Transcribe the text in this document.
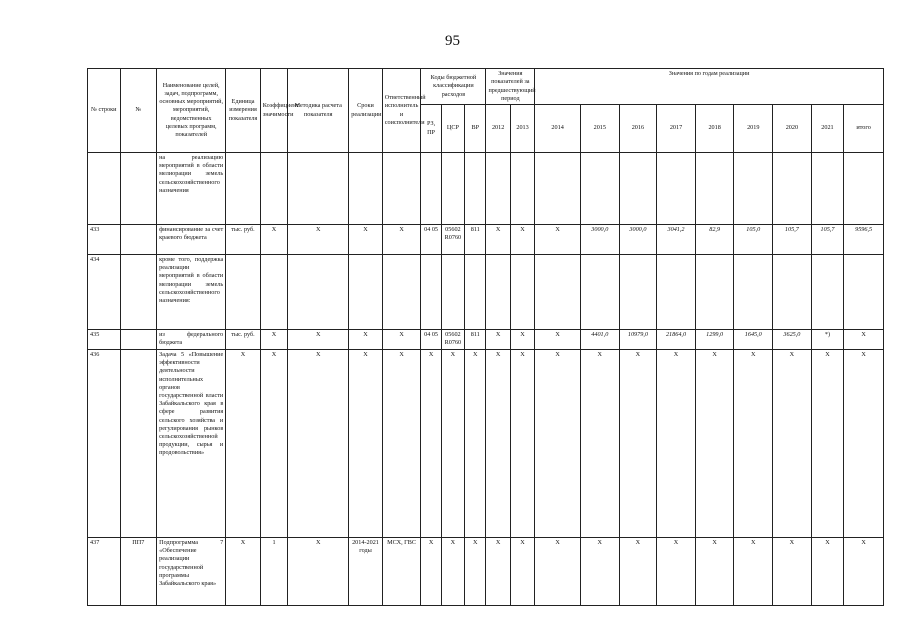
95
№ строки	№	Наименование целей, задач, подпрограмм, основных мероприятий, мероприятий, ведомственных целевых программ, показателей	Единица измерения показателя	Коэффициент значимости	Методика расчета показателя	Сроки реализации	Ответственный исполнитель и соисполнители	Коды бюджетной классификации расходов			Значения показателей за предшествующий период		Значения по годам реализации								
								РЗ, ПР	ЦСР	ВР	2012	2013	2014	2015	2016	2017	2018	2019	2020	2021	итого
		на реализацию мероприятий в области мелиорации земель сельскохозяйственного назначения																			
433		финансирование за счет краевого бюджета	тыс. руб.	X	X	X	X	04 05	05602 R0760	811	X	X	X	3000,0	3000,0	3041,2	82,9	105,0	105,7	105,7	9596,5
434		кроме того, поддержка реализации мероприятий в области мелиорации земель сельскохозяйственного назначения:																			
435		из федерального бюджета	тыс. руб.	X	X	X	X	04 05	05602 R0760	811	X	X	X	4401,0	10979,0	21864,0	1299,0	1645,0	3625,0	*)	X
436		Задача 5 «Повышение эффективности деятельности исполнительных органов государственной власти Забайкальского края в сфере развития сельского хозяйства и регулирования рынков сельскохозяйственной продукции, сырья и продовольствия»	X	X	X	X	X	X	X	X	X	X	X	X	X	X	X	X	X	X	X
437	ПП7	Подпрограмма 7 «Обеспечение реализации государственной программы Забайкальского края»	X	1	X	2014-2021 годы	МСХ, ГВС	X	X	X	X	X	X	X	X	X	X	X	X	X	X
